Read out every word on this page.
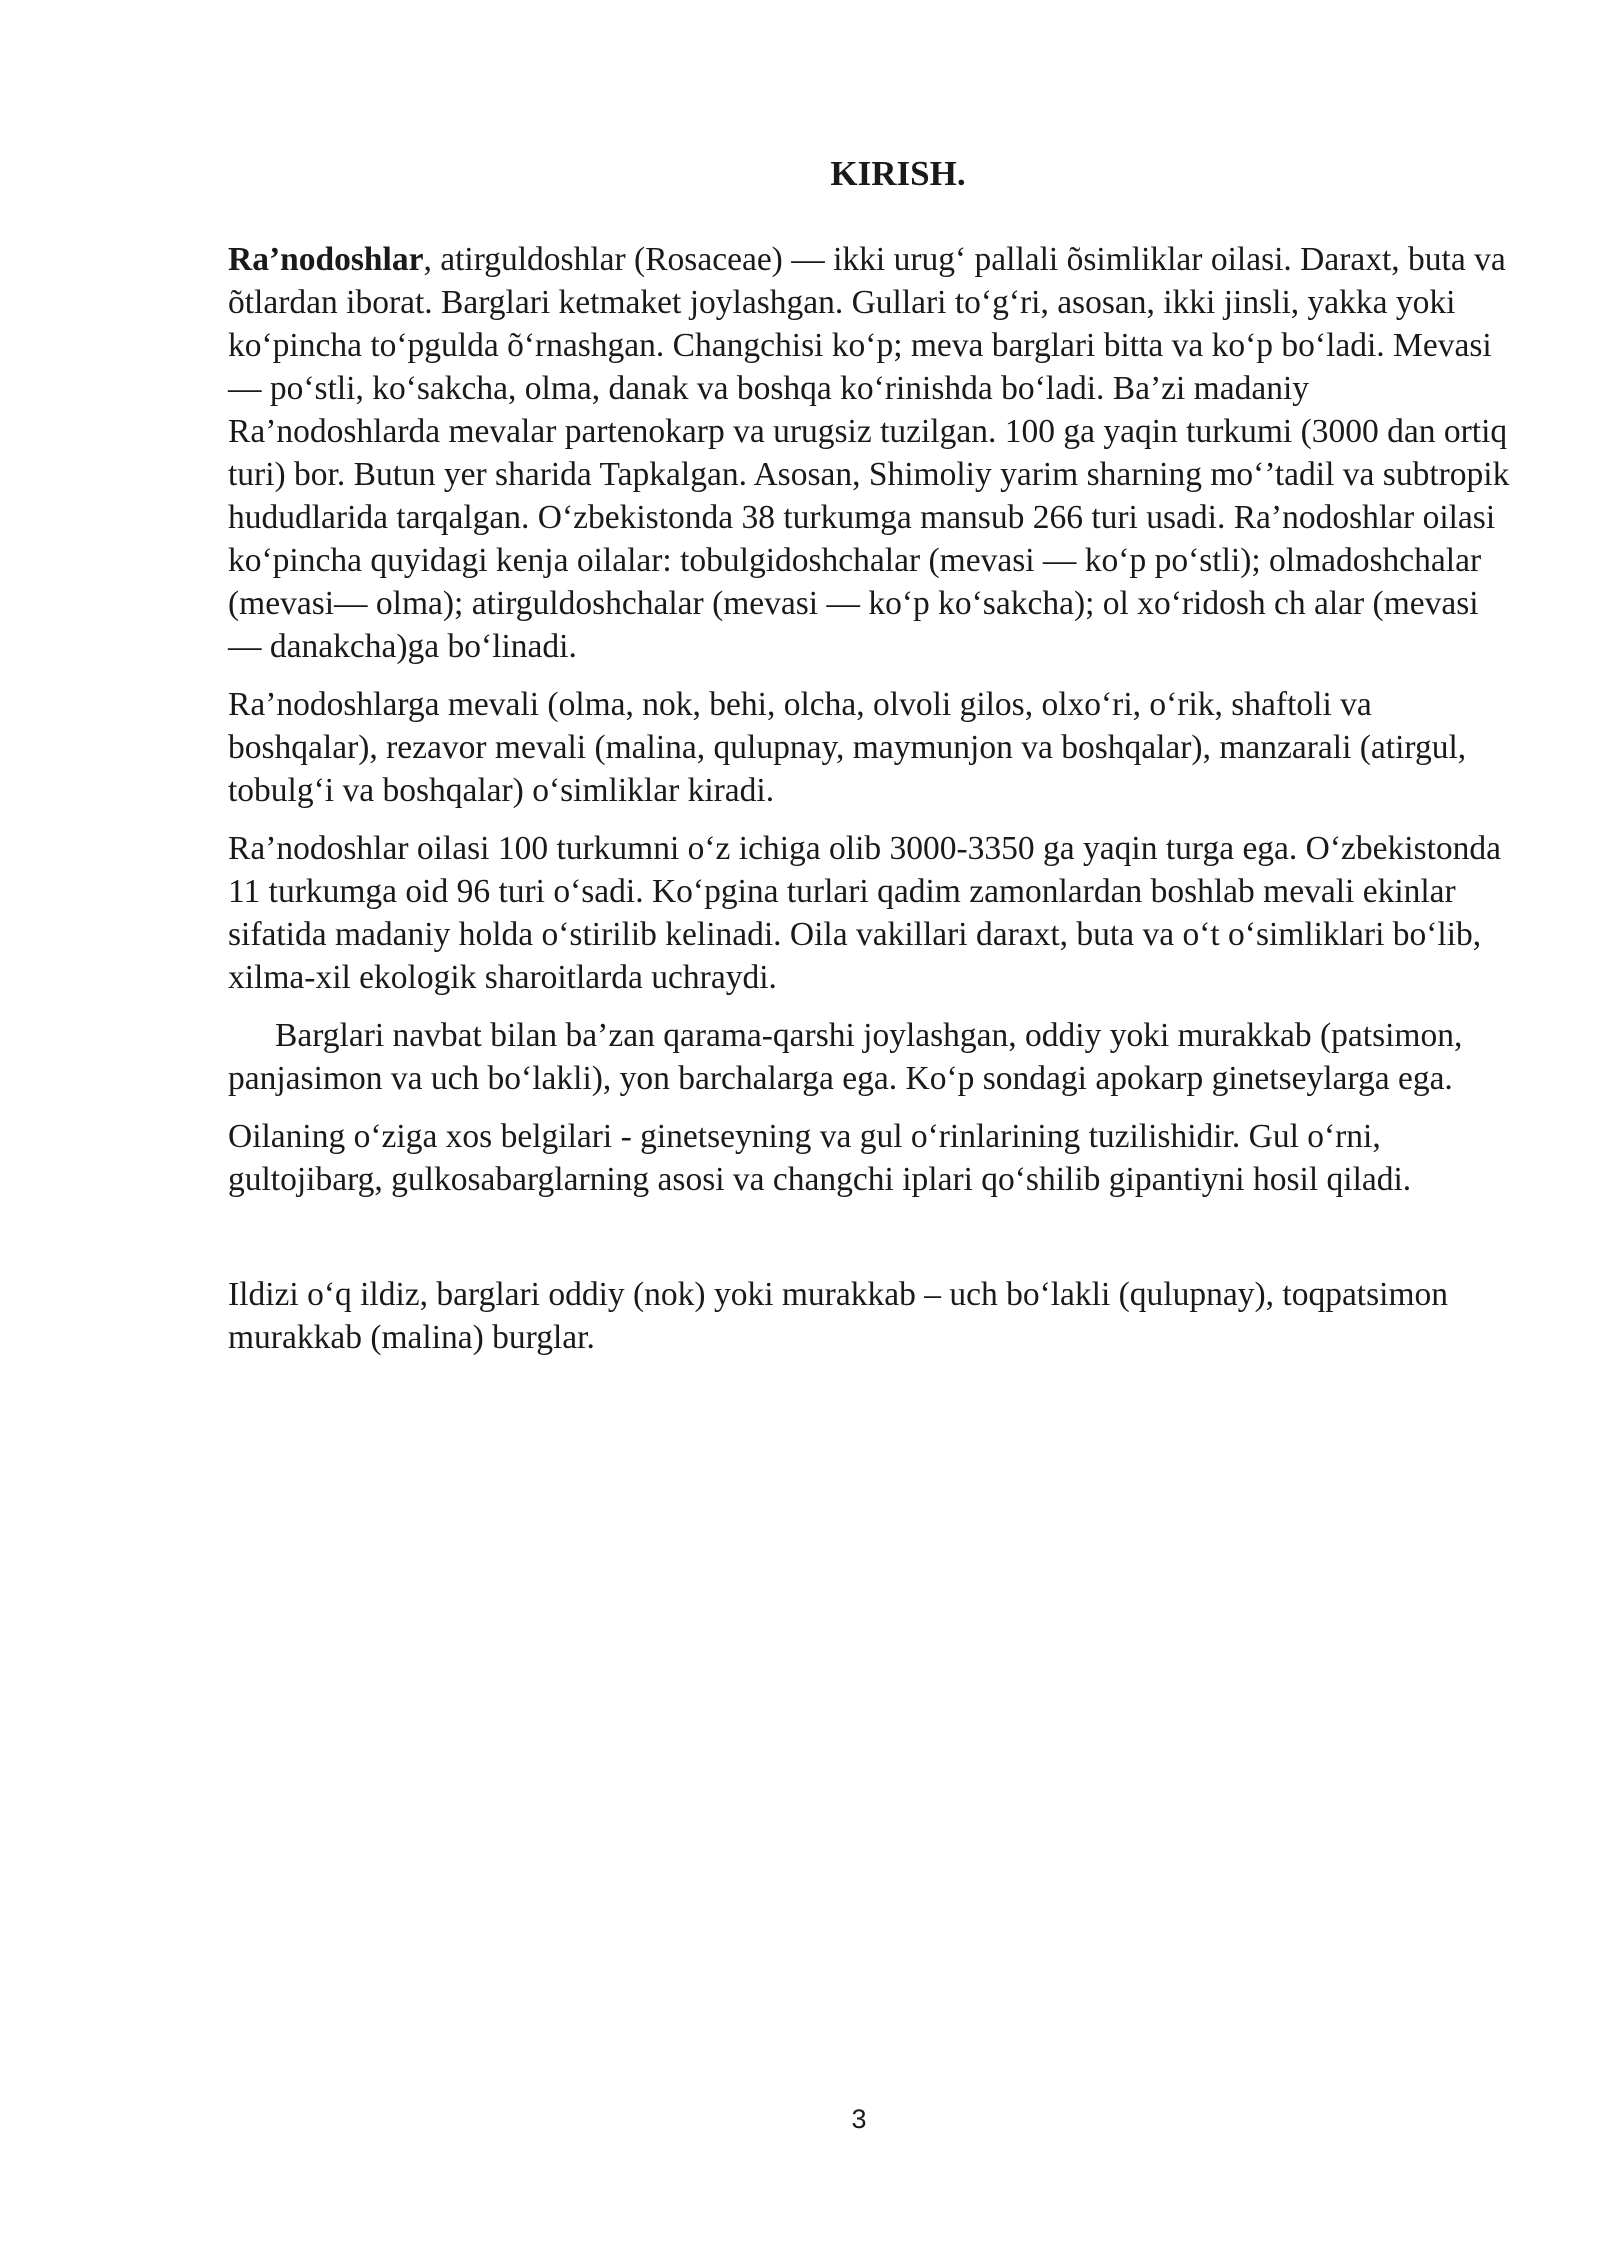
KIRISH.

Ra’nodoshlar, atirguldoshlar (Rosaceae) — ikki urug‘ pallali õsimliklar oilasi. Daraxt, buta va õtlardan iborat. Barglari ketmaket joylashgan. Gullari to‘g‘ri, asosan, ikki jinsli, yakka yoki ko‘pincha to‘pgulda õ‘rnashgan. Changchisi ko‘p; meva barglari bitta va ko‘p bo‘ladi. Mevasi — po‘stli, ko‘sakcha, olma, danak va boshqa ko‘rinishda bo‘ladi. Ba’zi madaniy Ra’nodoshlarda mevalar partenokarp va urugsiz tuzilgan. 100 ga yaqin turkumi (3000 dan ortiq turi) bor. Butun yer sharida Tapkalgan. Asosan, Shimoliy yarim sharning mo‘’tadil va subtropik hududlarida tarqalgan. O‘zbekistonda 38 turkumga mansub 266 turi usadi. Ra’nodoshlar oilasi ko‘pincha quyidagi kenja oilalar: tobulgidoshchalar (mevasi — ko‘p po‘stli); olmadoshchalar (mevasi— olma); atirguldoshchalar (mevasi — ko‘p ko‘sakcha); ol xo‘ridosh ch alar (mevasi — danakcha)ga bo‘linadi.

Ra’nodoshlarga mevali (olma, nok, behi, olcha, olvoli gilos, olxo‘ri, o‘rik, shaftoli va boshqalar), rezavor mevali (malina, qulupnay, maymunjon va boshqalar), manzarali (atirgul, tobulg‘i va boshqalar) o‘simliklar kiradi.

Ra’nodoshlar oilasi 100 turkumni o‘z ichiga olib 3000-3350 ga yaqin turga ega. O‘zbekistonda 11 turkumga oid 96 turi o‘sadi. Ko‘pgina turlari qadim zamonlardan boshlab mevali ekinlar sifatida madaniy holda o‘stirilib kelinadi. Oila vakillari daraxt, buta va o‘t o‘simliklari bo‘lib, xilma-xil ekologik sharoitlarda uchraydi.

Barglari navbat bilan ba’zan qarama-qarshi joylashgan, oddiy yoki murakkab (patsimon, panjasimon va uch bo‘lakli), yon barchalarga ega. Ko‘p sondagi apokarp ginetseylarga ega.

Oilaning o‘ziga xos belgilari - ginetseyning va gul o‘rinlarining tuzilishidir. Gul o‘rni, gultojibarg, gulkosabarglarning asosi va changchi iplari qo‘shilib gipantiyni hosil qiladi.

Ildizi o‘q ildiz, barglari oddiy (nok) yoki murakkab – uch bo‘lakli (qulupnay), toqpatsimon murakkab (malina) burglar.

3
